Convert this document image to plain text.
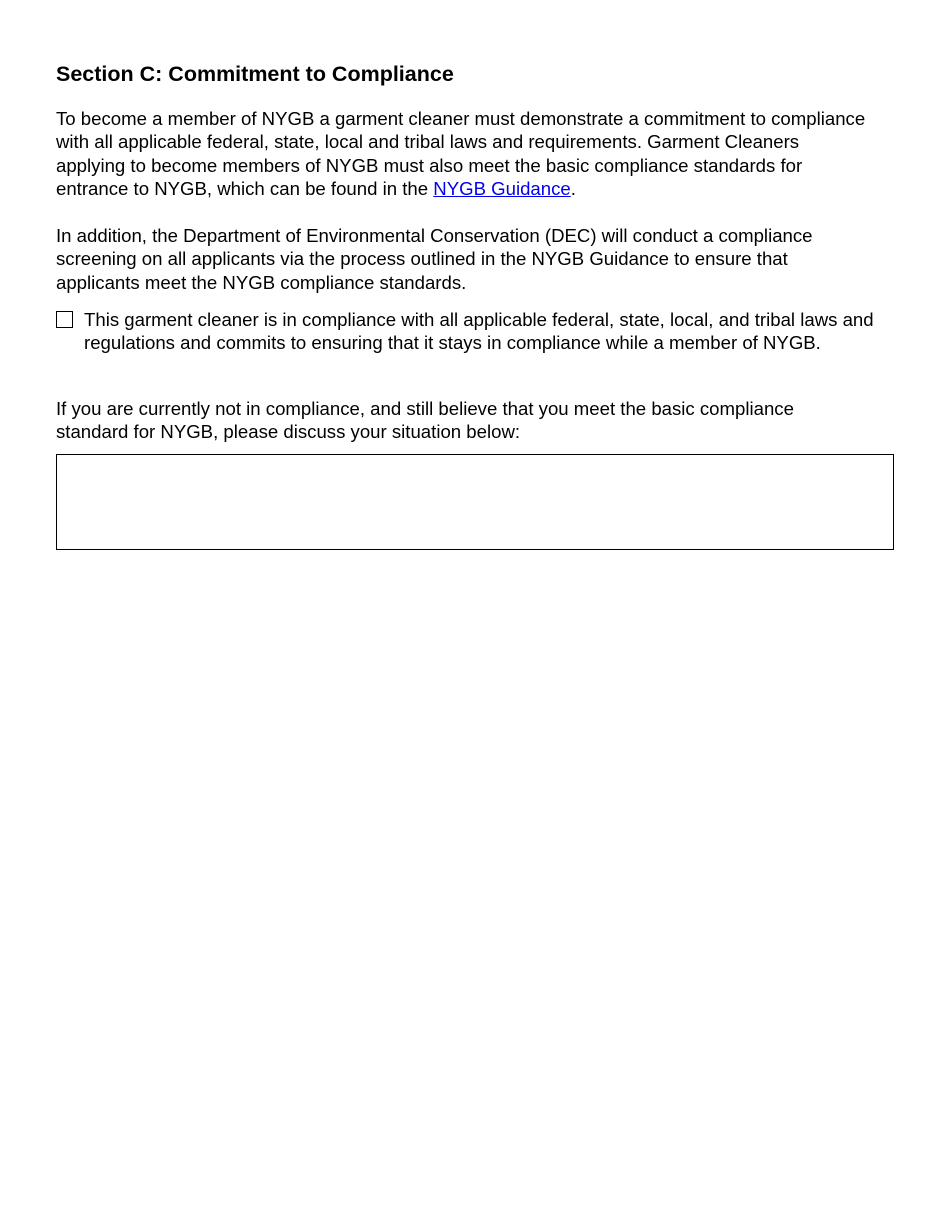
Section C: Commitment to Compliance

To become a member of NYGB a garment cleaner must demonstrate a commitment to compliance with all applicable federal, state, local and tribal laws and requirements. Garment Cleaners applying to become members of NYGB must also meet the basic compliance standards for entrance to NYGB, which can be found in the NYGB Guidance.

In addition, the Department of Environmental Conservation (DEC) will conduct a compliance screening on all applicants via the process outlined in the NYGB Guidance to ensure that applicants meet the NYGB compliance standards.

This garment cleaner is in compliance with all applicable federal, state, local, and tribal laws and regulations and commits to ensuring that it stays in compliance while a member of NYGB.

If you are currently not in compliance, and still believe that you meet the basic compliance standard for NYGB, please discuss your situation below:
